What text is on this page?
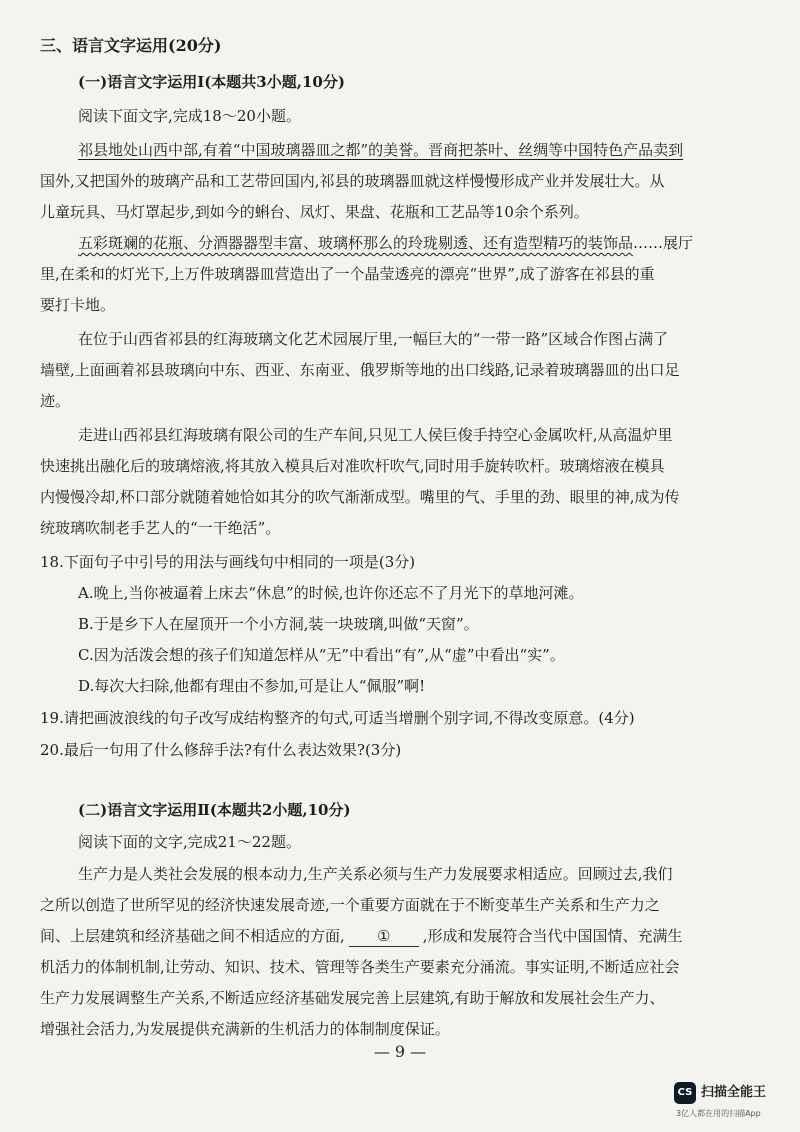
三、语言文字运用(20分)
(一)语言文字运用Ⅰ(本题共3小题,10分)
阅读下面文字,完成18～20小题。
祁县地处山西中部,有着“中国玻璃器皿之都”的美誉。晋商把茶叶、丝绸等中国特色产品卖到
国外,又把国外的玻璃产品和工艺带回国内,祁县的玻璃器皿就这样慢慢形成产业并发展壮大。从
儿童玩具、马灯罩起步,到如今的蝌台、凤灯、果盘、花瓶和工艺品等10余个系列。
五彩斑斓的花瓶、分酒器器型丰富、玻璃杯那么的玲珑剔透、还有造型精巧的装饰品……展厅
里,在柔和的灯光下,上万件玻璃器皿营造出了一个晶莹透亮的漂亮“世界”,成了游客在祁县的重
要打卡地。
在位于山西省祁县的红海玻璃文化艺术园展厅里,一幅巨大的“一带一路”区域合作图占满了
墙壁,上面画着祁县玻璃向中东、西亚、东南亚、俄罗斯等地的出口线路,记录着玻璃器皿的出口足
迹。
走进山西祁县红海玻璃有限公司的生产车间,只见工人侯巨俊手持空心金属吹杆,从高温炉里
快速挑出融化后的玻璃熔液,将其放入模具后对准吹杆吹气,同时用手旋转吹杆。玻璃熔液在模具
内慢慢冷却,杯口部分就随着她恰如其分的吹气渐渐成型。嘴里的气、手里的劲、眼里的神,成为传
统玻璃吹制老手艺人的“一干绝活”。
18.下面句子中引号的用法与画线句中相同的一项是(3分)
A.晚上,当你被逼着上床去“休息”的时候,也许你还忘不了月光下的草地河滩。
B.于是乡下人在屋顶开一个小方洞,装一块玻璃,叫做“天窗”。
C.因为活泼会想的孩子们知道怎样从“无”中看出“有”,从“虚”中看出“实”。
D.每次大扫除,他都有理由不参加,可是让人“佩服”啊!
19.请把画波浪线的句子改写成结构整齐的句式,可适当增删个别字词,不得改变原意。(4分)
20.最后一句用了什么修辞手法?有什么表达效果?(3分)
(二)语言文字运用Ⅱ(本题共2小题,10分)
阅读下面的文字,完成21～22题。
生产力是人类社会发展的根本动力,生产关系必须与生产力发展要求相适应。回顾过去,我们
之所以创造了世所罕见的经济快速发展奇迹,一个重要方面就在于不断变革生产关系和生产力之
间、上层建筑和经济基础之间不相适应的方面, ① ,形成和发展符合当代中国国情、充满生
机活力的体制机制,让劳动、知识、技术、管理等各类生产要素充分涌流。事实证明,不断适应社会
生产力发展调整生产关系,不断适应经济基础发展完善上层建筑,有助于解放和发展社会生产力、
增强社会活力,为发展提供充满新的生机活力的体制制度保证。
— 9 —
CS 扫描全能王
3亿人都在用的扫描App
